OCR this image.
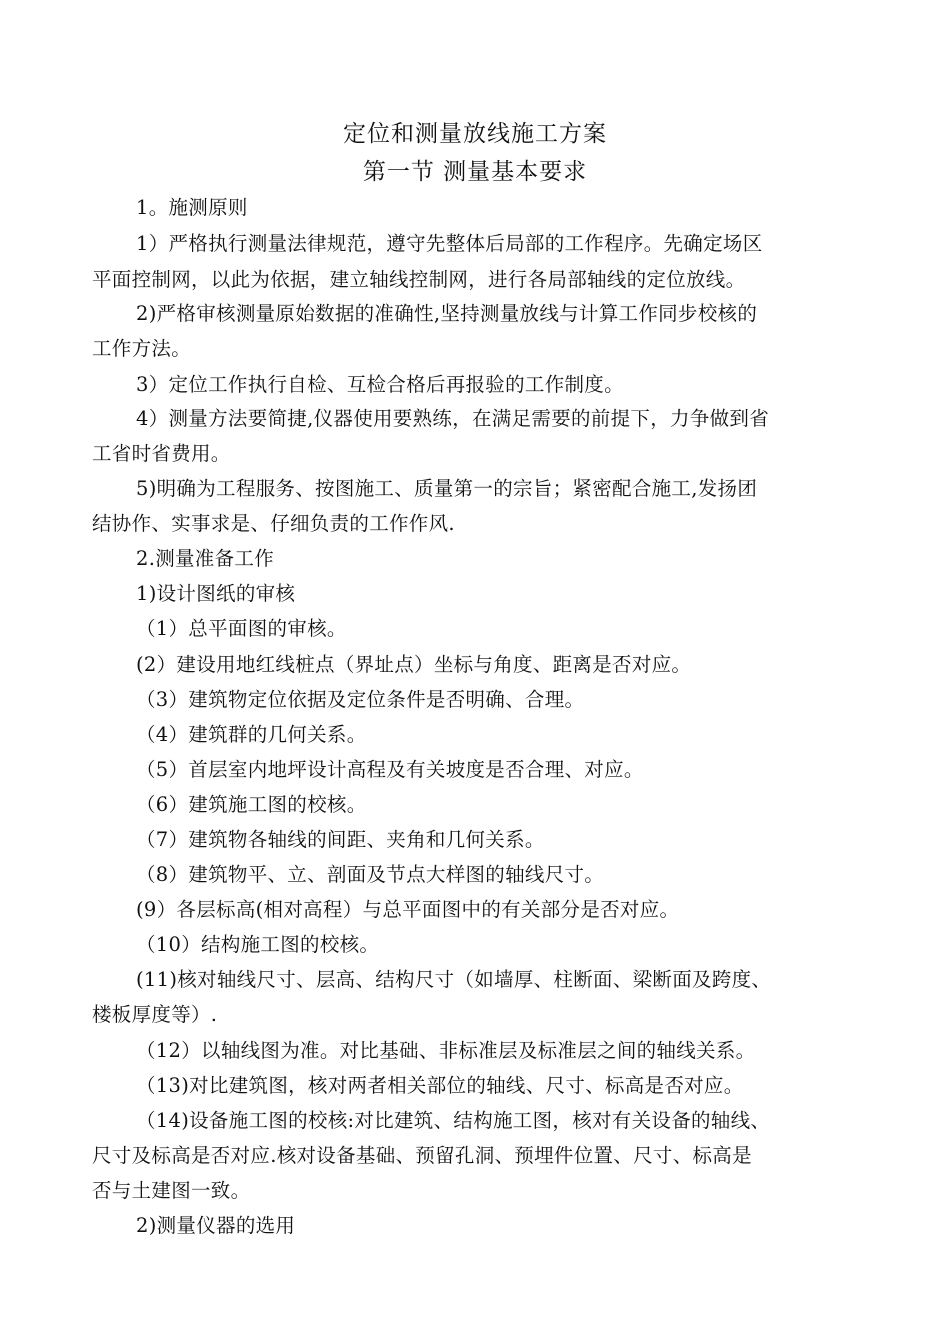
定位和测量放线施工方案
第一节 测量基本要求
1。施测原则
1）严格执行测量法律规范，遵守先整体后局部的工作程序。先确定场区
平面控制网，以此为依据，建立轴线控制网，进行各局部轴线的定位放线。
2)严格审核测量原始数据的准确性,坚持测量放线与计算工作同步校核的
工作方法。
3）定位工作执行自检、互检合格后再报验的工作制度。
4）测量方法要简捷,仪器使用要熟练，在满足需要的前提下，力争做到省
工省时省费用。
5)明确为工程服务、按图施工、质量第一的宗旨；紧密配合施工,发扬团
结协作、实事求是、仔细负责的工作作风.
2.测量准备工作
1)设计图纸的审核
（1）总平面图的审核。
(2）建设用地红线桩点（界址点）坐标与角度、距离是否对应。
（3）建筑物定位依据及定位条件是否明确、合理。
（4）建筑群的几何关系。
（5）首层室内地坪设计高程及有关坡度是否合理、对应。
（6）建筑施工图的校核。
（7）建筑物各轴线的间距、夹角和几何关系。
（8）建筑物平、立、剖面及节点大样图的轴线尺寸。
(9）各层标高(相对高程）与总平面图中的有关部分是否对应。
（10）结构施工图的校核。
(11)核对轴线尺寸、层高、结构尺寸（如墙厚、柱断面、梁断面及跨度、
楼板厚度等）.
（12）以轴线图为准。对比基础、非标准层及标准层之间的轴线关系。
（13)对比建筑图，核对两者相关部位的轴线、尺寸、标高是否对应。
（14)设备施工图的校核:对比建筑、结构施工图，核对有关设备的轴线、
尺寸及标高是否对应.核对设备基础、预留孔洞、预埋件位置、尺寸、标高是
否与土建图一致。
2)测量仪器的选用
